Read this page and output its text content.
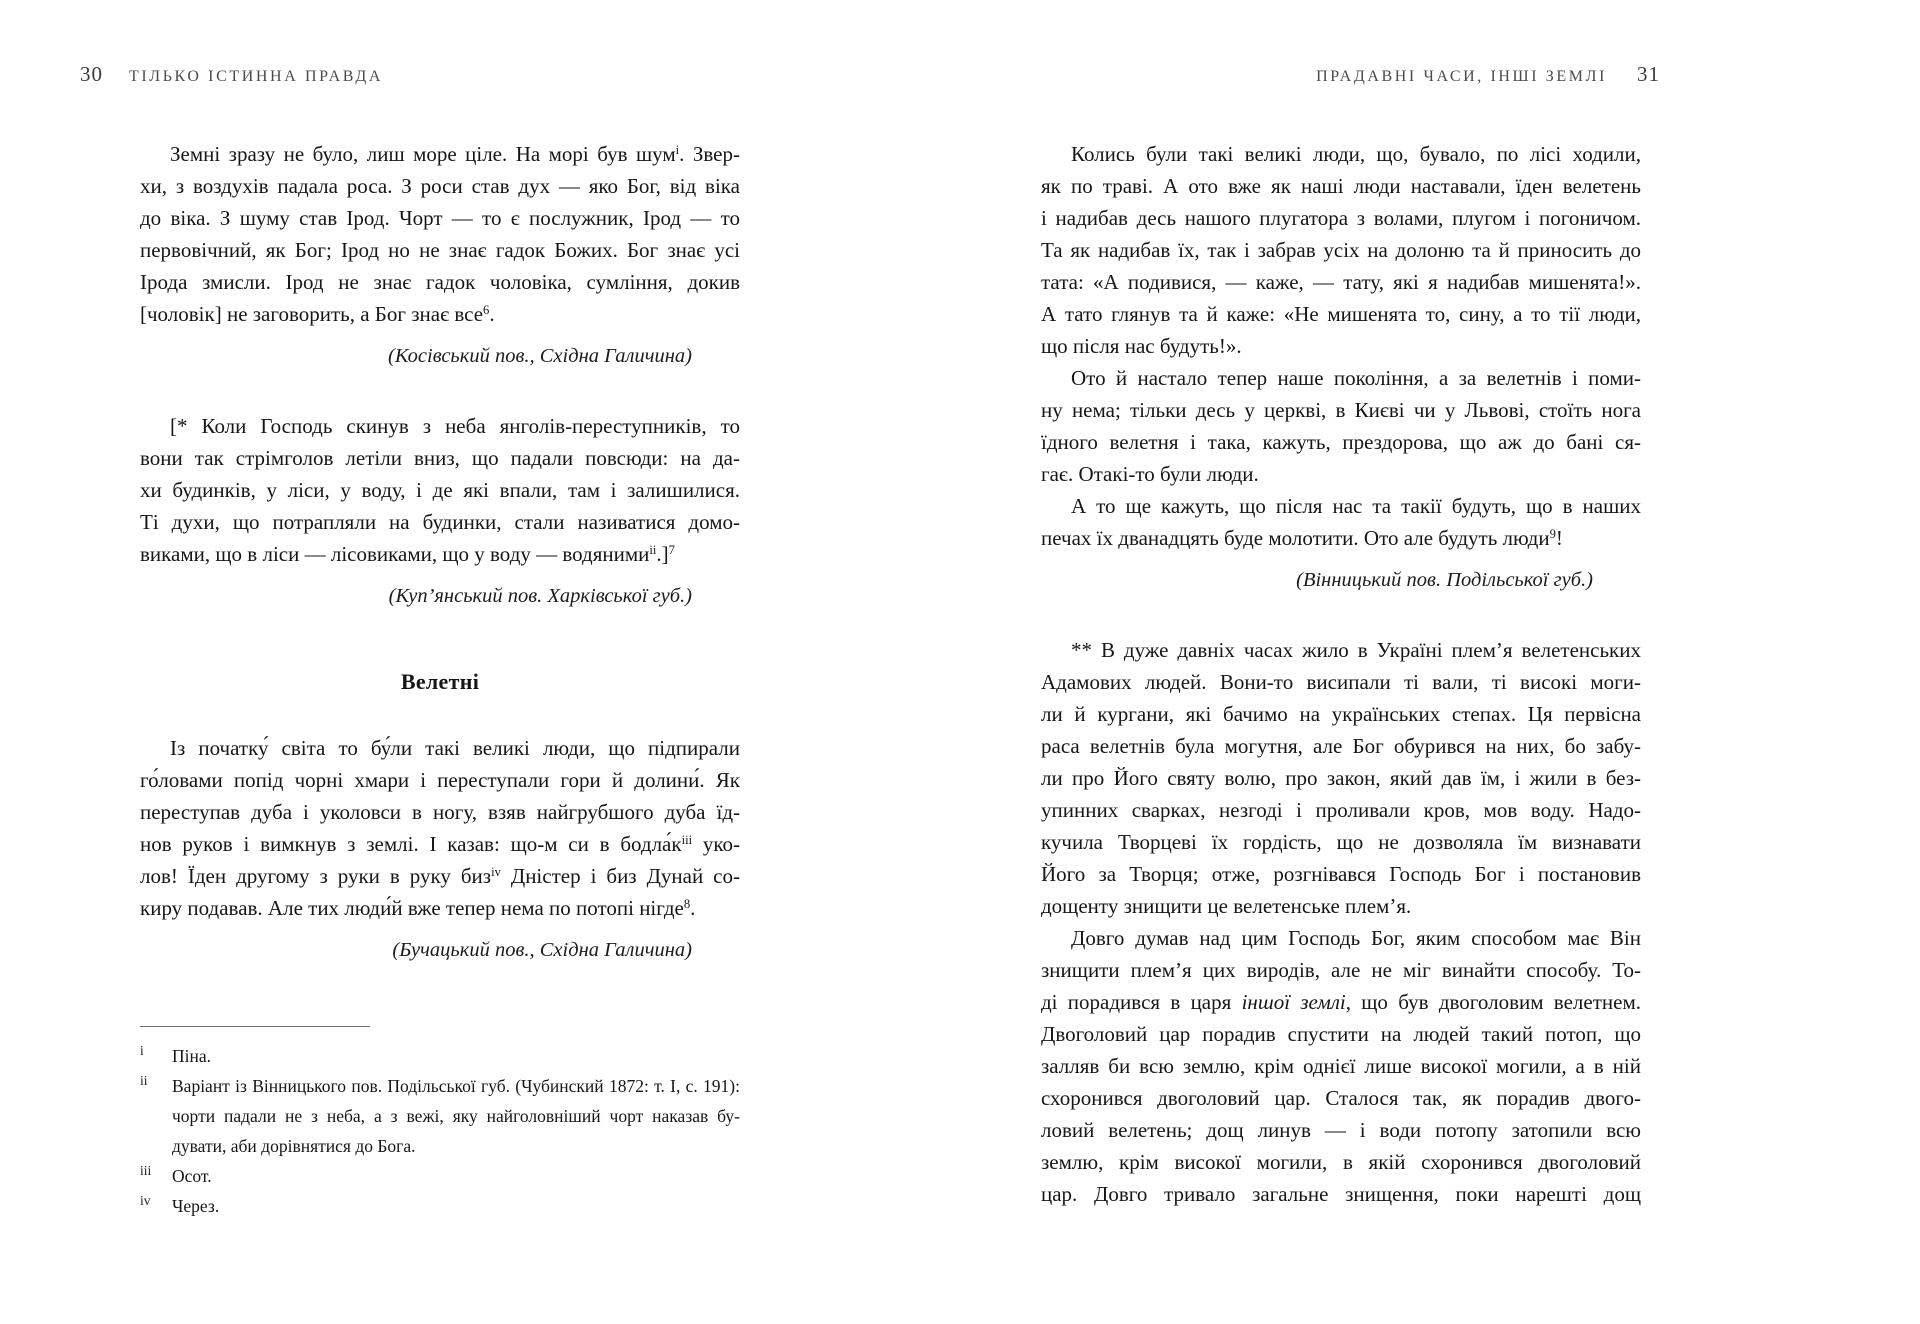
30 ТІЛЬКО ІСТИННА ПРАВДА	ПРАДАВНІ ЧАСИ, ІНШІ ЗЕМЛІ 31
Земні зразу не було, лиш море ціле. На морі був шум$^i$. Звер-
хи, з воздухів падала роса. З роси став дух — яко Бог, від віка
до віка. З шуму став Ірод. Чорт — то є послужник, Ірод — то
первовічний, як Бог; Ірод но не знає гадок Божих. Бог знає усі
Ірода змисли. Ірод не знає гадок чоловіка, сумління, докив
[чоловік] не заговорить, а Бог знає все$^6$.
(Косівський пов., Східна Галичина)
[* Коли Господь скинув з неба янголів-переступників, то
вони так стрімголов летіли вниз, що падали повсюди: на да-
хи будинків, у ліси, у воду, і де які впали, там і залишилися.
Ті духи, що потрапляли на будинки, стали називатися домо-
виками, що в ліси — лісовиками, що у воду — водяними$^{ii}$.]$^7$
(Куп’янський пов. Харківської губ.)
Велетні
Із початку́ світа то бу́ли такі великі люди, що підпирали
го́ловами попід чорні хмари і переступали гори й долини́. Як
переступав дуба і уколовси в ногу, взяв найгрубшого дуба їд-
нов руков і вимкнув з землі. І казав: що-м си в $бодла́к^{iii}$ уко-
лов! Їден другому з руки в руку биз$^{iv}$ Дністер і биз Дунай со-
киру подавав. Але тих люди́й вже тепер нема по потопі нігде$^8$.
(Бучацький пов., Східна Галичина)
i	Піна.
ii	Варіант із Вінницького пов. Подільської губ. (Чубинский 1872: т. І, с. 191):
чорти падали не з неба, а з вежі, яку найголовніший чорт наказав бу-
дувати, аби дорівнятися до Бога.
iii	Осот.
iv	Через.
Колись були такі великі люди, що, бувало, по лісі ходили,
як по траві. А ото вже як наші люди наставали, їден велетень
і надибав десь нашого плугатора з волами, плугом і погоничом.
Та як надибав їх, так і забрав усіх на долоню та й приносить до
тата: «А подивися, — каже, — тату, які я надибав мишенята!».
А тато глянув та й каже: «Не мишенята то, сину, а то тії люди,
що після нас будуть!».
Ото й настало тепер наше покоління, а за велетнів і поми-
ну нема; тільки десь у церкві, в Києві чи у Львові, стоїть нога
їдного велетня і така, кажуть, прездорова, що аж до бані ся-
гає. Отакі-то були люди.
А то ще кажуть, що після нас та такії будуть, що в наших
печах їх дванадцять буде молотити. Ото але будуть люди$^9$!
(Вінницький пов. Подільської губ.)
** В дуже давніх часах жило в Україні плем’я велетенських
Адамових людей. Вони-то висипали ті вали, ті високі моги-
ли й кургани, які бачимо на українських степах. Ця первісна
раса велетнів була могутня, але Бог обурився на них, бо забу-
ли про Його святу волю, про закон, який дав їм, і жили в без-
упинних сварках, незгоді і проливали кров, мов воду. Надо-
кучила Творцеві їх гордість, що не дозволяла їм визнавати
Його за Творця; отже, розгнівався Господь Бог і постановив
дощенту знищити це велетенське плем’я.
Довго думав над цим Господь Бог, яким способом має Він
знищити плем’я цих виродів, але не міг винайти способу. То-
ді порадився в царя іншої землі, що був двоголовим велетнем.
Двоголовий цар порадив спустити на людей такий потоп, що
залляв би всю землю, крім однієї лише високої могили, а в ній
схоронився двоголовий цар. Сталося так, як порадив двого-
ловий велетень; дощ линув — і води потопу затопили всю
землю, крім високої могили, в якій схоронився двоголовий
цар. Довго тривало загальне знищення, поки нарешті дощ
